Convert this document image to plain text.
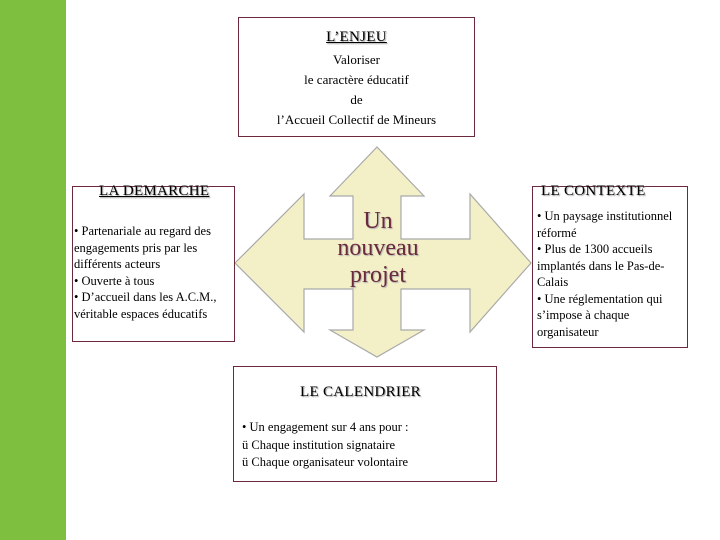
Un
nouveau
projet
L’ENJEU
Valoriser
le caractère éducatif
de
l’Accueil Collectif de Mineurs
LA DEMARCHE
• Partenariale au regard des engagements pris par les différents acteurs
• Ouverte à tous
• D’accueil dans les A.C.M., véritable espaces éducatifs
LE CONTEXTE
• Un paysage institutionnel réformé
• Plus de 1300 accueils implantés dans le Pas-de-Calais
• Une réglementation qui s’impose à chaque organisateur
LE CALENDRIER
• Un engagement sur 4 ans pour :
ü Chaque institution signataire
ü Chaque organisateur volontaire
